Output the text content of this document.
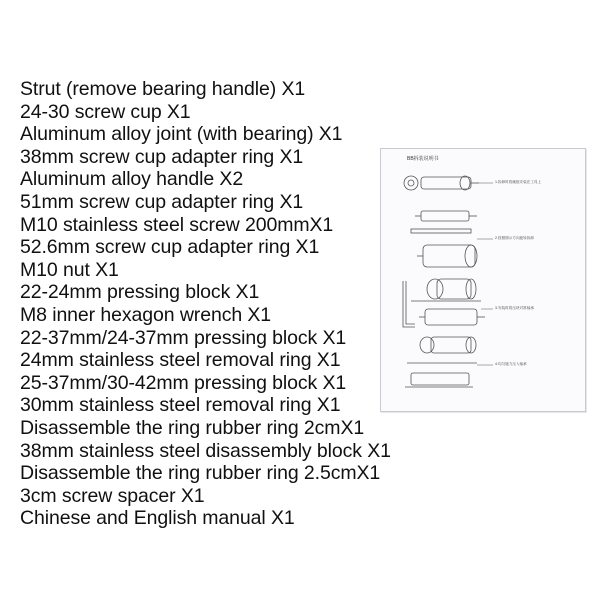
Strut (remove bearing handle) X1
24-30 screw cup X1
Aluminum alloy joint (with bearing) X1
38mm screw cup adapter ring X1
Aluminum alloy handle X2
51mm screw cup adapter ring X1
M10 stainless steel screw 200mmX1
52.6mm screw cup adapter ring X1
M10 nut X1
22-24mm pressing block X1
M8 inner hexagon wrench X1
22-37mm/24-37mm pressing block X1
24mm stainless steel removal ring X1
25-37mm/30-42mm pressing block X1
30mm stainless steel removal ring X1
Disassemble the ring rubber ring 2cmX1
38mm stainless steel disassembly block X1
Disassemble the ring rubber ring 2.5cmX1
3cm screw spacer X1
Chinese and English manual X1
BB拆装说明书
1.拆卸时将碗组安装在工具上
2.按照图示方向旋转拆卸
3.安装时将压块对准轴承
4.均匀施力压入轴承
